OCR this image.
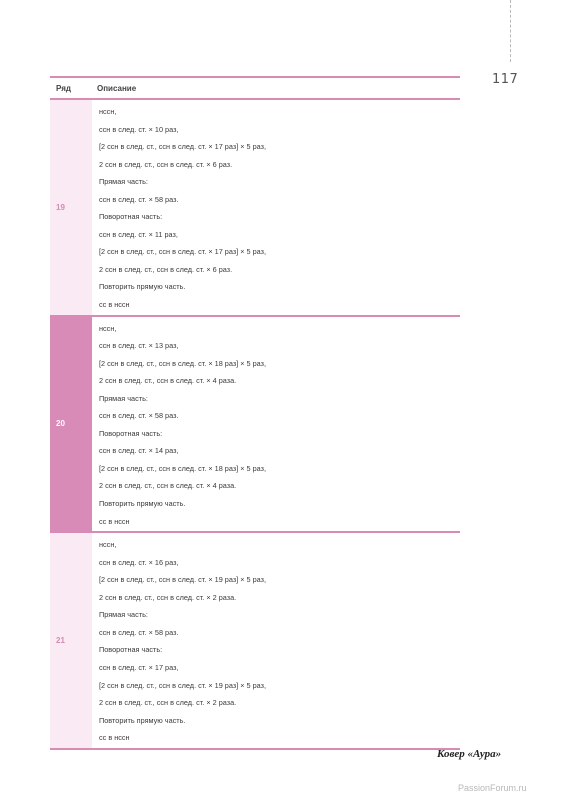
117
Ряд	Описание
19
нссн,
ссн в след. ст. × 10 раз,
[2 ссн в след. ст., ссн в след. ст. × 17 раз] × 5 раз,
2 ссн в след. ст., ссн в след. ст. × 6 раз.
Прямая часть:
ссн в след. ст. × 58 раз.
Поворотная часть:
ссн в след. ст. × 11 раз,
[2 ссн в след. ст., ссн в след. ст. × 17 раз] × 5 раз,
2 ссн в след. ст., ссн в след. ст. × 6 раз.
Повторить прямую часть.
сс в нссн
20
нссн,
ссн в след. ст. × 13 раз,
[2 ссн в след. ст., ссн в след. ст. × 18 раз] × 5 раз,
2 ссн в след. ст., ссн в след. ст. × 4 раза.
Прямая часть:
ссн в след. ст. × 58 раз.
Поворотная часть:
ссн в след. ст. × 14 раз,
[2 ссн в след. ст., ссн в след. ст. × 18 раз] × 5 раз,
2 ссн в след. ст., ссн в след. ст. × 4 раза.
Повторить прямую часть.
сс в нссн
21
нссн,
ссн в след. ст. × 16 раз,
[2 ссн в след. ст., ссн в след. ст. × 19 раз] × 5 раз,
2 ссн в след. ст., ссн в след. ст. × 2 раза.
Прямая часть:
ссн в след. ст. × 58 раз.
Поворотная часть:
ссн в след. ст. × 17 раз,
[2 ссн в след. ст., ссн в след. ст. × 19 раз] × 5 раз,
2 ссн в след. ст., ссн в след. ст. × 2 раза.
Повторить прямую часть.
сс в нссн
Ковер «Аура»
PassionForum.ru
